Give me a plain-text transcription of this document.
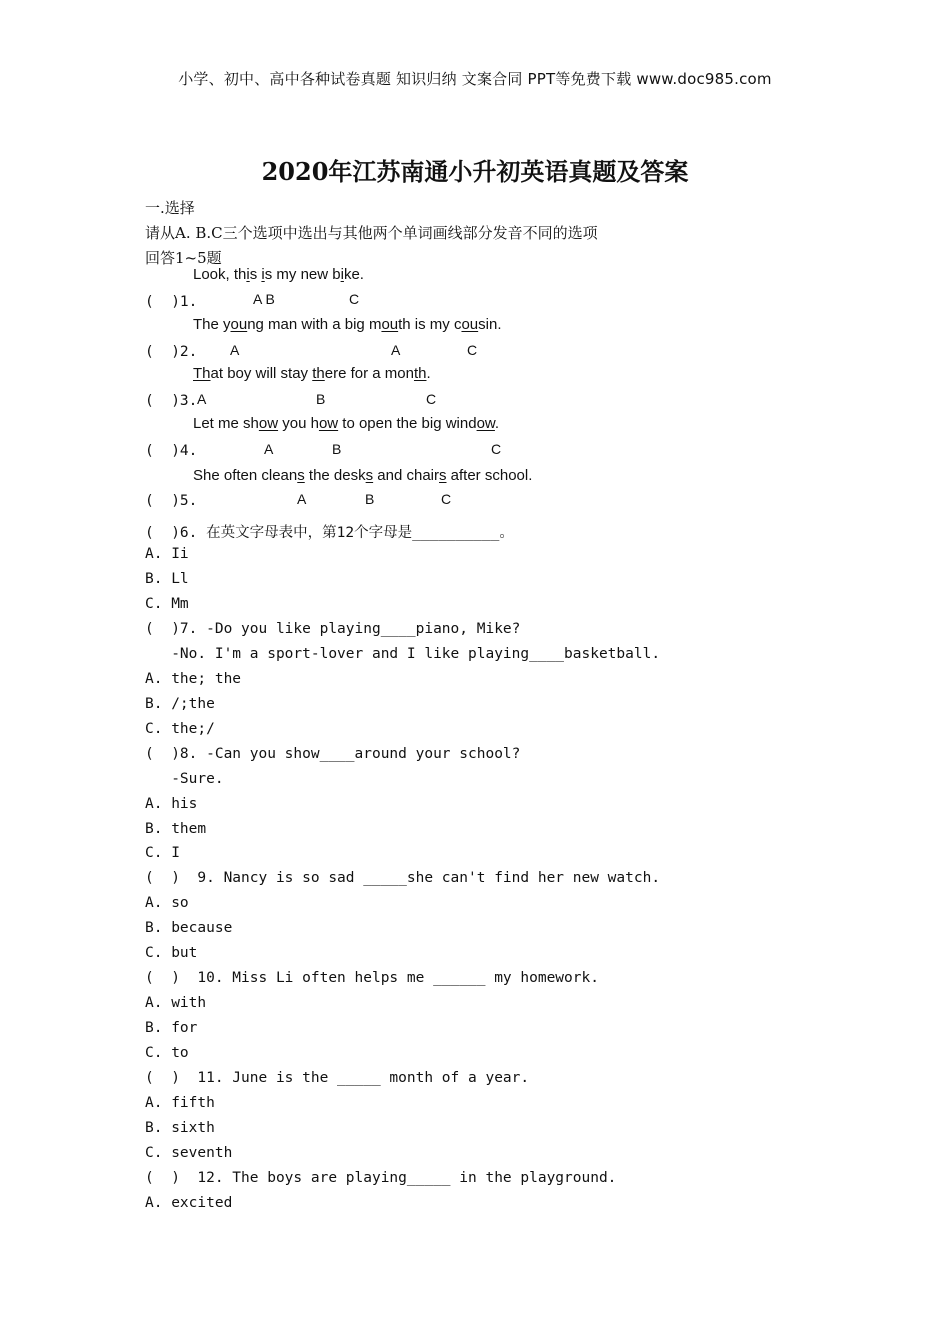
小学、初中、高中各种试卷真题 知识归纳 文案合同 PPT等免费下载 www.doc985.com
2020年江苏南通小升初英语真题及答案
一.选择
请从A. B.C三个选项中选出与其他两个单词画线部分发音不同的选项
回答1~5题
Look, this is my new bike.
(  )1.	A B	C
The young man with a big mouth is my cousin.
(  )2. A	A	C
That boy will stay there for a month.
(  )3. A	B	C
Let me show you how to open the big window.
(  )4.	A	B	C
She often cleans the desks and chairs after school.
(  )5.	A	B	C
(  )6. 在英文字母表中，第12个字母是__________。
A. Ii
B. Ll
C. Mm
(  )7. -Do you like playing____piano, Mike?
-No. I'm a sport-lover and I like playing____basketball.
A. the; the
B. /;the
C. the;/
(  )8. -Can you show____around your school?
-Sure.
A. his
B. them
C. I
(  )  9. Nancy is so sad _____she can't find her new watch.
A. so
B. because
C. but
(  )  10. Miss Li often helps me ______ my homework.
A. with
B. for
C. to
(  )  11. June is the _____ month of a year.
A. fifth
B. sixth
C. seventh
(  )  12. The boys are playing_____ in the playground.
A. excited
